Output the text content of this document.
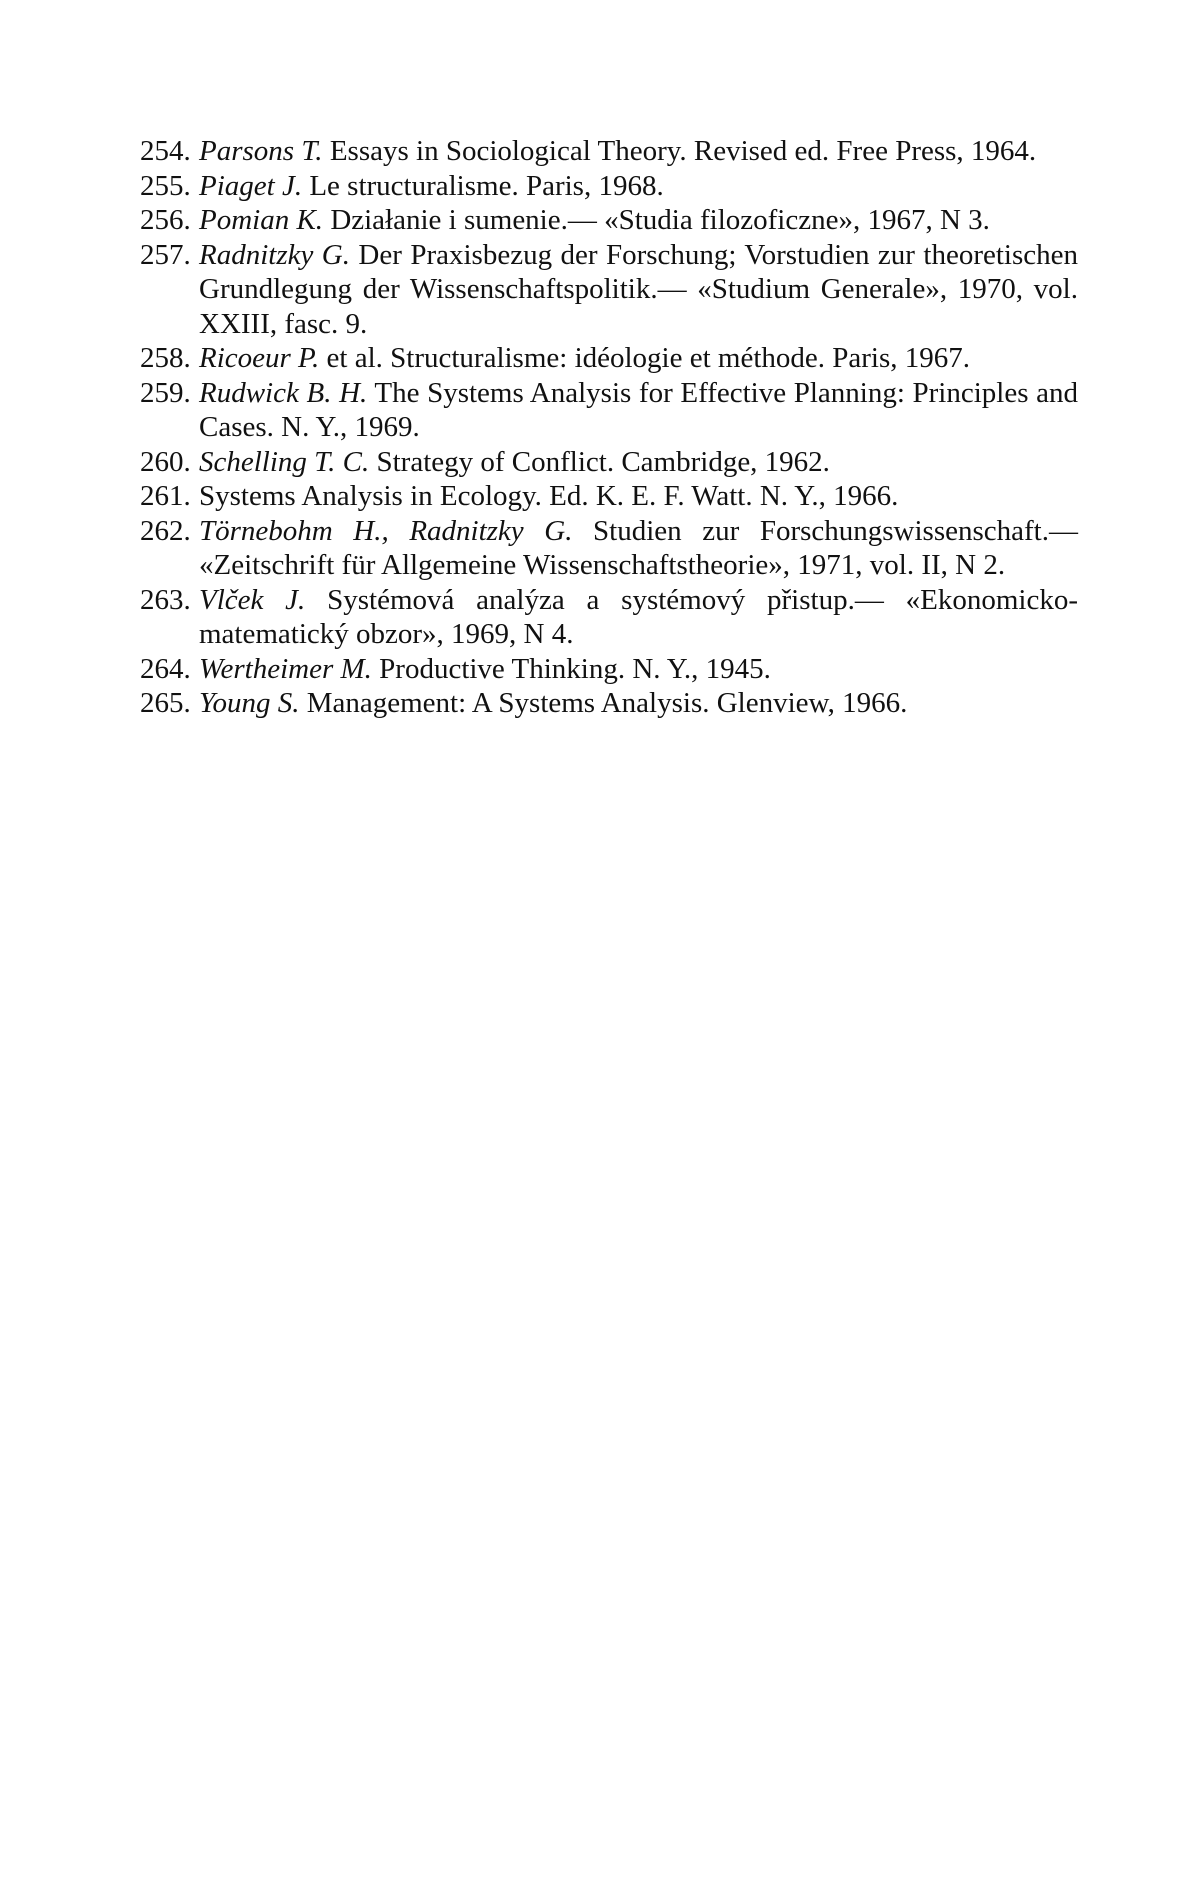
254. Parsons T. Essays in Sociological Theory. Revised ed. Free Press, 1964.
255. Piaget J. Le structuralisme. Paris, 1968.
256. Pomian K. Działanie i sumenie.— «Studia filozoficzne», 1967, N 3.
257. Radnitzky G. Der Praxisbezug der Forschung; Vorstudien zur theoretischen Grundlegung der Wissenschaftspolitik.— «Studium Generale», 1970, vol. XXIII, fasc. 9.
258. Ricoeur P. et al. Structuralisme: idéologie et méthode. Paris, 1967.
259. Rudwick B. H. The Systems Analysis for Effective Planning: Principles and Cases. N. Y., 1969.
260. Schelling T. C. Strategy of Conflict. Cambridge, 1962.
261. Systems Analysis in Ecology. Ed. K. E. F. Watt. N. Y., 1966.
262. Törnebohm H., Radnitzky G. Studien zur Forschungswissenschaft.— «Zeitschrift für Allgemeine Wissenschaftstheorie», 1971, vol. II, N 2.
263. Vlček J. Systémová analýza a systémový přistup.— «Ekonomicko-matematický obzor», 1969, N 4.
264. Wertheimer M. Productive Thinking. N. Y., 1945.
265. Young S. Management: A Systems Analysis. Glenview, 1966.
